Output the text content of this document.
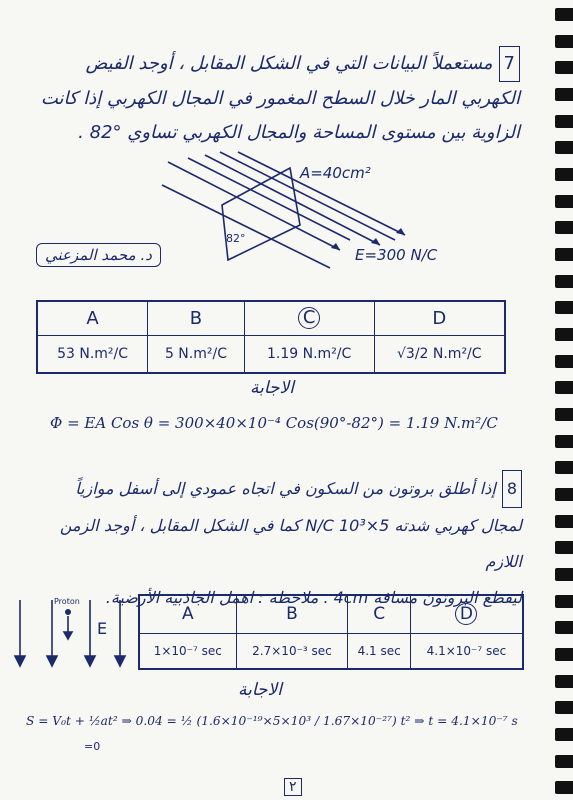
7مستعملاً البيانات التي في الشكل المقابل ، أوجد الفيض
الكهربي المار خلال السطح المغمور في المجال الكهربي إذا كانت
الزاوية بين مستوى المساحة والمجال الكهربي تساوي °82 .
A=40cm²
E=300 N/C
82°
د. محمد المزعني
A	B	C	D
53 N.m²/C	5 N.m²/C	1.19 N.m²/C	√3/2 N.m²/C
الاجابة
Φ = EA Cos θ = 300×40×10⁻⁴ Cos(90°-82°) = 1.19 N.m²/C
8إذا أطلق بروتون من السكون في اتجاه عمودي إلى أسفل موازياً
لمجال كهربي شدته 5×10³ N/C كما في الشكل المقابل ، أوجد الزمن اللازم
ليقطع البروتون مسافة 4cm . ملاحظة : اهمل الجاذبية الأرضية.
Proton
E
A	B	C	D
1×10⁻⁷ sec	2.7×10⁻³ sec	4.1 sec	4.1×10⁻⁷ sec
الاجابة
S = V₀t + ½at² ⇒ 0.04 = ½ (1.6×10⁻¹⁹×5×10³ / 1.67×10⁻²⁷) t² ⇒ t = 4.1×10⁻⁷ s
=0
٢
